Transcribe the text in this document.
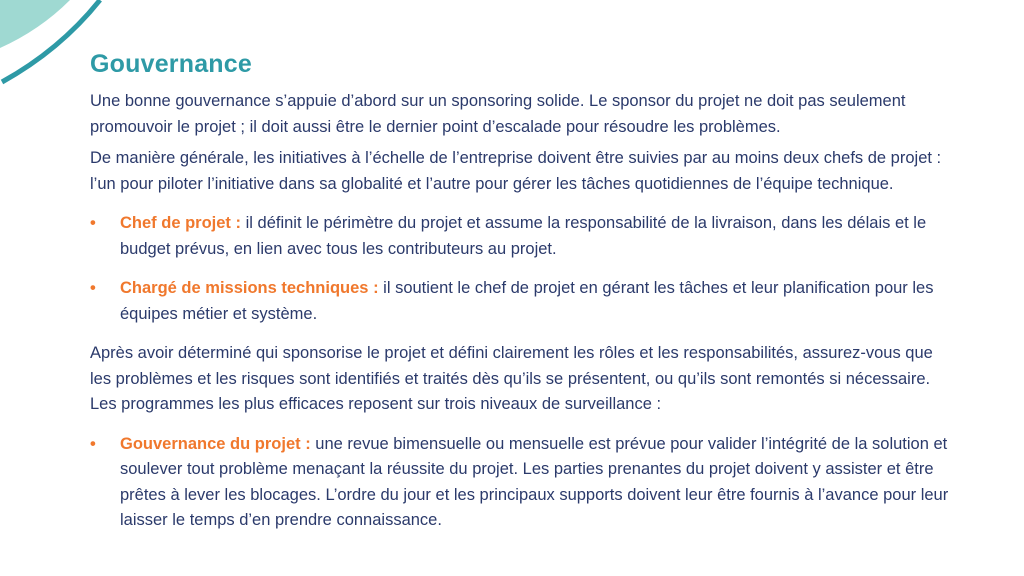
Gouvernance

Une bonne gouvernance s’appuie d’abord sur un sponsoring solide. Le sponsor du projet ne doit pas seulement promouvoir le projet ; il doit aussi être le dernier point d’escalade pour résoudre les problèmes.

De manière générale, les initiatives à l’échelle de l’entreprise doivent être suivies par au moins deux chefs de projet : l’un pour piloter l’initiative dans sa globalité et l’autre pour gérer les tâches quotidiennes de l’équipe technique.

• Chef de projet : il définit le périmètre du projet et assume la responsabilité de la livraison, dans les délais et le budget prévus, en lien avec tous les contributeurs au projet.
• Chargé de missions techniques : il soutient le chef de projet en gérant les tâches et leur planification pour les équipes métier et système.

Après avoir déterminé qui sponsorise le projet et défini clairement les rôles et les responsabilités, assurez-vous que les problèmes et les risques sont identifiés et traités dès qu’ils se présentent, ou qu’ils sont remontés si nécessaire. Les programmes les plus efficaces reposent sur trois niveaux de surveillance :

• Gouvernance du projet : une revue bimensuelle ou mensuelle est prévue pour valider l’intégrité de la solution et soulever tout problème menaçant la réussite du projet. Les parties prenantes du projet doivent y assister et être prêtes à lever les blocages. L’ordre du jour et les principaux supports doivent leur être fournis à l’avance pour leur laisser le temps d’en prendre connaissance.
